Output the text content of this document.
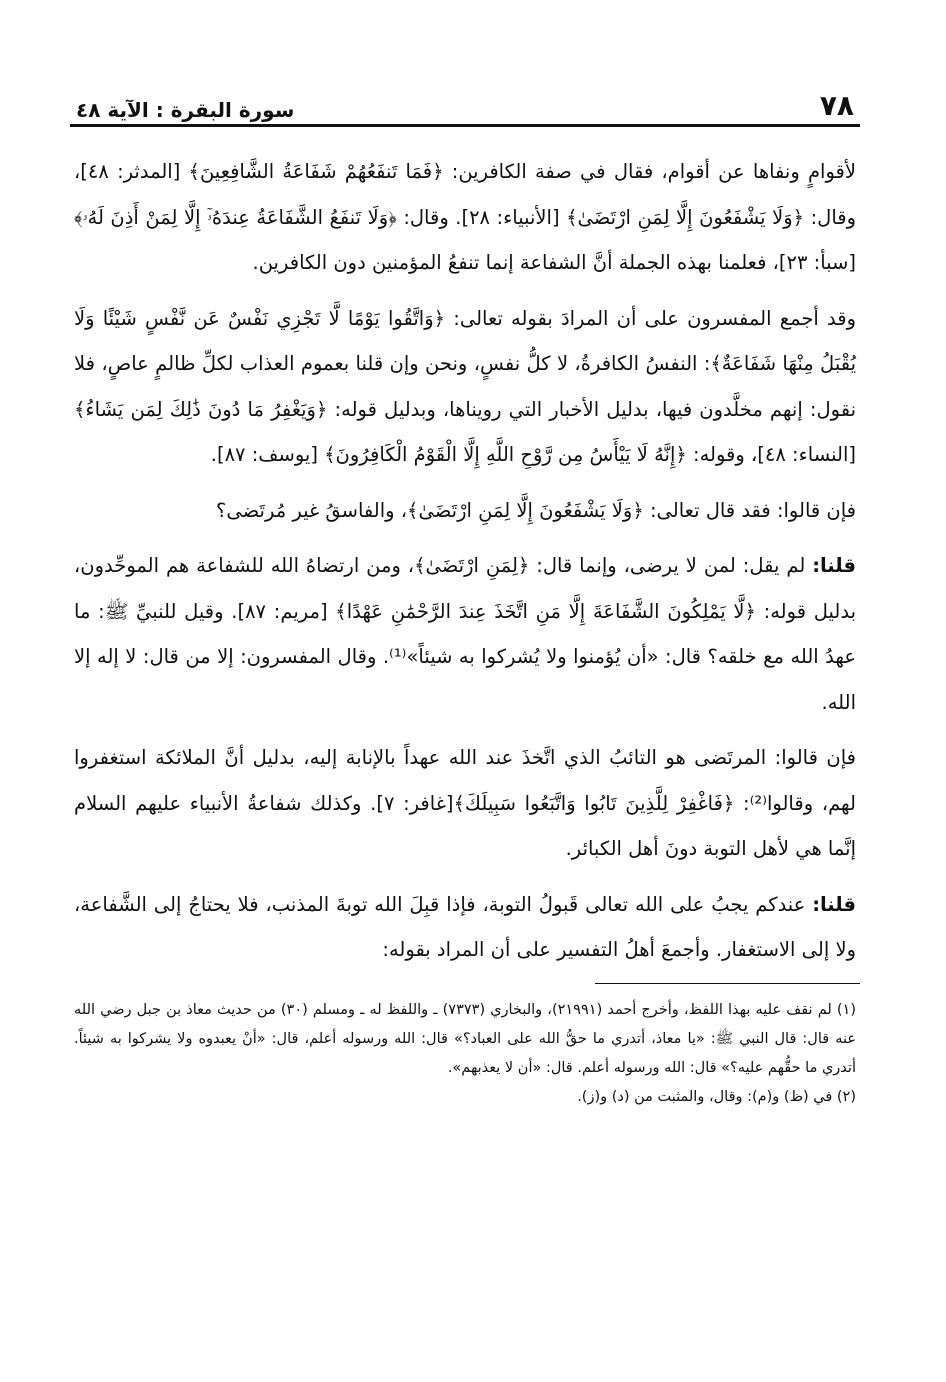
٧٨
سورة البقرة : الآية ٤٨

لأقوامٍ ونفاها عن أقوام، فقال في صفة الكافرين: ﴿فَمَا تَنفَعُهُمْ شَفَاعَةُ الشَّافِعِينَ﴾ [المدثر: ٤٨]، وقال: ﴿وَلَا يَشْفَعُونَ إِلَّا لِمَنِ ارْتَضَىٰ﴾ [الأنبياء: ٢٨]. وقال: ﴿وَلَا تَنفَعُ الشَّفَاعَةُ عِندَهُۥٓ إِلَّا لِمَنْ أَذِنَ لَهُۥ﴾ [سبأ: ٢٣]، فعلمنا بهذه الجملة أنَّ الشفاعة إنما تنفعُ المؤمنين دون الكافرين.

وقد أجمع المفسرون على أن المرادَ بقوله تعالى: ﴿وَاتَّقُوا يَوْمًا لَّا تَجْزِي نَفْسٌ عَن نَّفْسٍ شَيْئًا وَلَا يُقْبَلُ مِنْهَا شَفَاعَةٌ﴾: النفسُ الكافرةُ، لا كلُّ نفسٍ، ونحن وإن قلنا بعموم العذاب لكلِّ ظالمٍ عاصٍ، فلا نقول: إنهم مخلَّدون فيها، بدليل الأخبار التي رويناها، وبدليل قوله: ﴿وَيَغْفِرُ مَا دُونَ ذَٰلِكَ لِمَن يَشَاءُ﴾ [النساء: ٤٨]، وقوله: ﴿إِنَّهُ لَا يَيْأَسُ مِن رَّوْحِ اللَّهِ إِلَّا الْقَوْمُ الْكَافِرُونَ﴾ [يوسف: ٨٧].

فإن قالوا: فقد قال تعالى: ﴿وَلَا يَشْفَعُونَ إِلَّا لِمَنِ ارْتَضَىٰ﴾، والفاسقُ غير مُرتَضى؟

قلنا: لم يقل: لمن لا يرضى، وإنما قال: ﴿لِمَنِ ارْتَضَىٰ﴾، ومن ارتضاهُ الله للشفاعة هم الموحِّدون، بدليل قوله: ﴿لَّا يَمْلِكُونَ الشَّفَاعَةَ إِلَّا مَنِ اتَّخَذَ عِندَ الرَّحْمَٰنِ عَهْدًا﴾ [مريم: ٨٧]. وقيل للنبيِّ ﷺ: ما عهدُ الله مع خلقه؟ قال: «أن يُؤمنوا ولا يُشركوا به شيئاً»⁽¹⁾. وقال المفسرون: إلا من قال: لا إله إلا الله.

فإن قالوا: المرتَضى هو التائبُ الذي اتَّخذَ عند الله عهداً بالإنابة إليه، بدليل أنَّ الملائكة استغفروا لهم، وقالوا⁽²⁾: ﴿فَاغْفِرْ لِلَّذِينَ تَابُوا وَاتَّبَعُوا سَبِيلَكَ﴾[غافر: ٧]. وكذلك شفاعةُ الأنبياء عليهم السلام إنَّما هي لأهل التوبة دونَ أهل الكبائر.

قلنا: عندكم يجبُ على الله تعالى قَبولُ التوبة، فإذا قبِلَ الله توبةَ المذنب، فلا يحتاجُ إلى الشَّفاعة، ولا إلى الاستغفار. وأجمعَ أهلُ التفسير على أن المراد بقوله:

(١) لم نقف عليه بهذا اللفظ، وأخرج أحمد (٢١٩٩١)، والبخاري (٧٣٧٣) ـ واللفظ له ـ ومسلم (٣٠) من حديث معاذ بن جبل رضي الله عنه قال: قال النبي ﷺ: «يا معاذ، أتدري ما حقُّ الله على العباد؟» قال: الله ورسوله أعلم، قال: «أنْ يعبدوه ولا يشركوا به شيئاً. أتدري ما حقُّهم عليه؟» قال: الله ورسوله أعلم. قال: «أن لا يعذبهم».

(٢) في (ظ) و(م): وقال، والمثبت من (د) و(ز).
